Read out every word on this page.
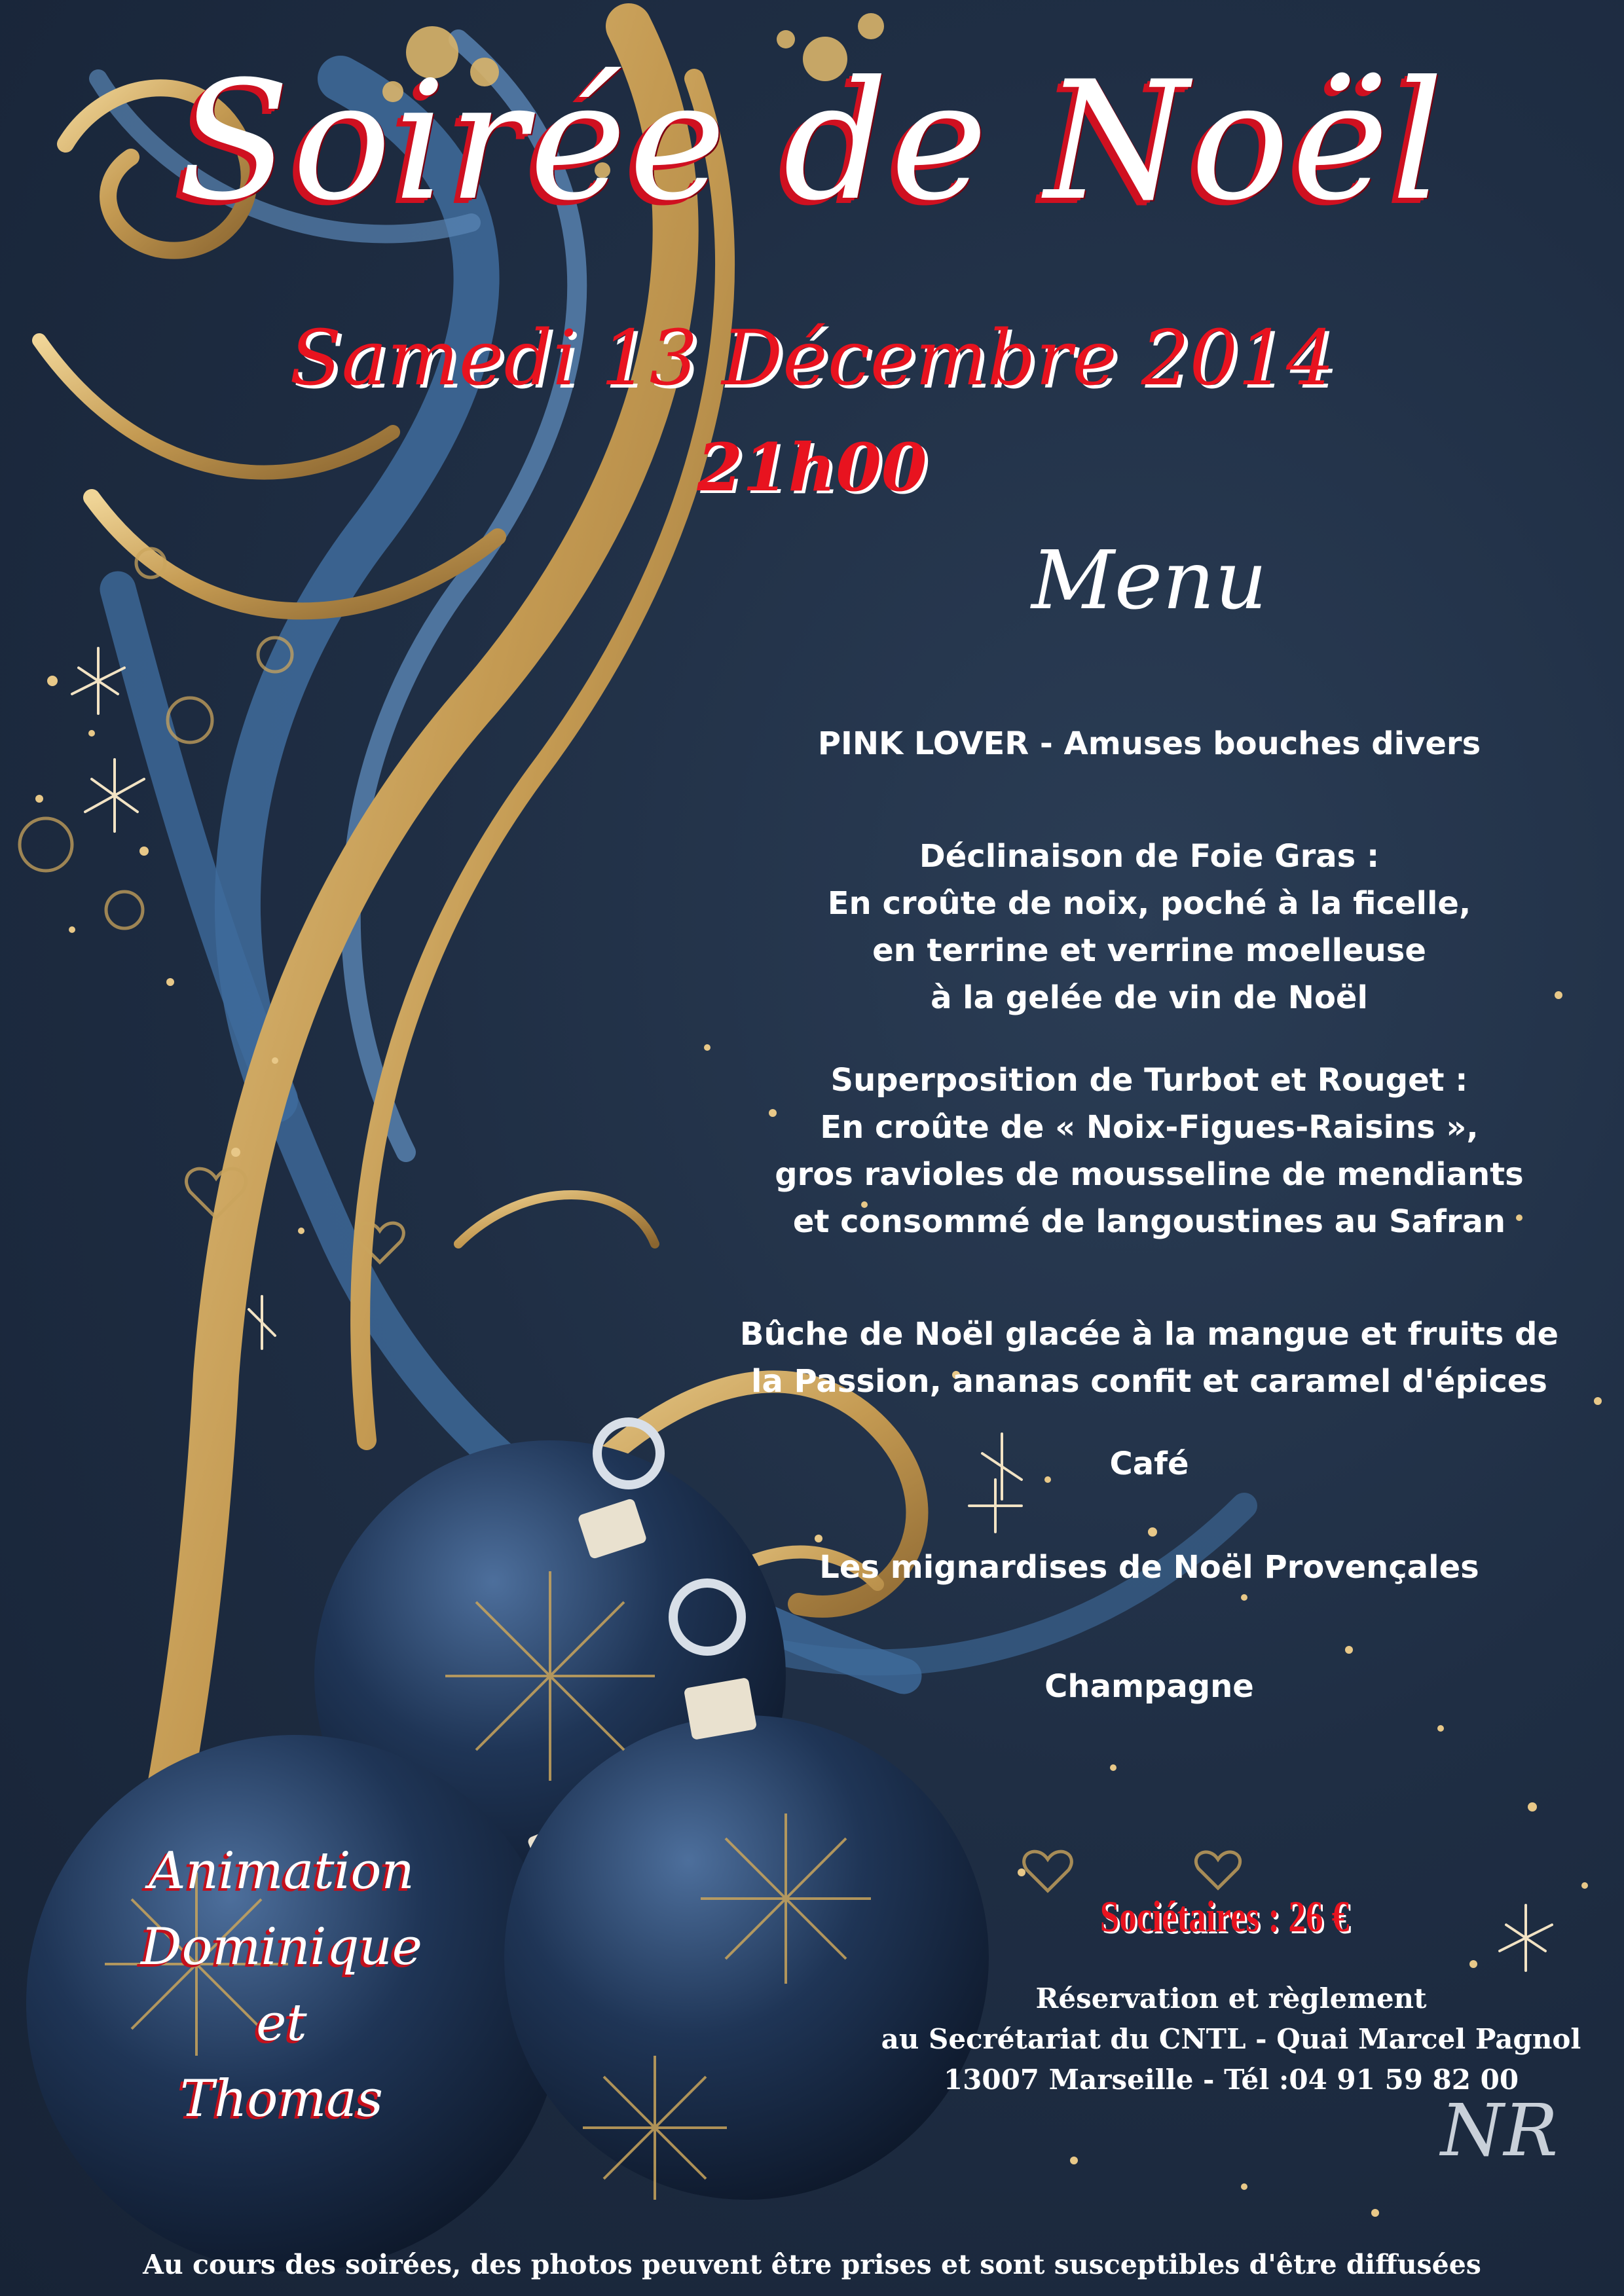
Soirée de Noël

Samedi 13 Décembre 2014

21h00

Menu

PINK LOVER - Amuses bouches divers
Déclinaison de Foie Gras :
En croûte de noix, poché à la ficelle,
en terrine et verrine moelleuse
à la gelée de vin de Noël
Superposition de Turbot et Rouget :
En croûte de « Noix-Figues-Raisins »,
gros ravioles de mousseline de mendiants
et consommé de langoustines au Safran
Bûche de Noël glacée à la mangue et fruits de
la Passion, ananas confit et caramel d'épices
Café
Les mignardises de Noël Provençales
Champagne
Animation
Dominique
et
Thomas

Sociétaires : 26 €

Réservation et règlement
au Secrétariat du CNTL - Quai Marcel Pagnol
13007 Marseille - Tél :04 91 59 82 00

NR

Au cours des soirées, des photos peuvent être prises et sont susceptibles d'être diffusées
